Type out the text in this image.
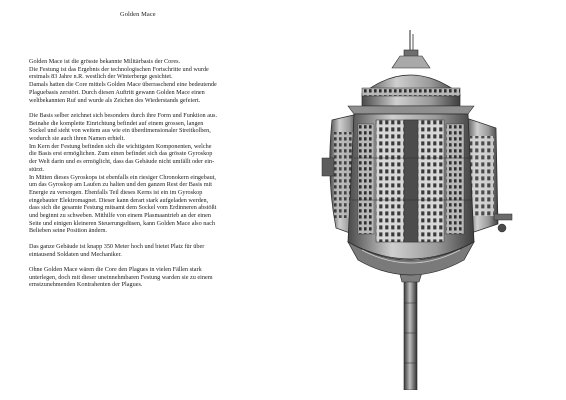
Golden Mace

Golden Mace ist die grösste bekannte Militärbasis der Cores.
Die Festung ist das Ergebnis der technologischen Fortschritte und wurde
erstmals 83 Jahre n.R. westlich der Winterberge gesichtet.
Damals hatten die Core mittels Golden Mace überraschend eine bedeutende
Plaguebasis zerstört. Durch diesen Auftritt gewann Golden Mace einen
weltbekannten Ruf und wurde als Zeichen des Wiederstands gefeiert.

Die Basis selber zeichnet sich besonders durch ihre Form und Funktion aus.
Beinahe die komplette Einrichtung befindet auf einem grossen, langen
Sockel und sieht von weitem aus wie ein überdimensionaler Streitkolben,
wodurch sie auch ihren Namen erhielt.
Im Kern der Festung befinden sich die wichtigsten Komponenten, welche
die Basis erst ermöglichen. Zum einen befindet sich das grösste Gyroskop
der Welt darin und es ermöglicht, dass das Gebäude nicht umfällt oder ein-
stürzt.
In Mitten dieses Gyroskops ist ebenfalls ein riesiger Chronokern eingebaut,
um das Gyroskop am Laufen zu halten und den ganzen Rest der Basis mit
Energie zu versorgen. Ebenfalls Teil dieses Kerns ist ein im Gyroskop
eingebauter Elektromagnet. Dieser kann derart stark aufgeladen werden,
dass sich die gesamte Festung mitsamt dem Sockel vom Erdinneren abstößt
und beginnt zu schweben. Mithilfe von einem Plasmaantrieb an der einen
Seite und einigen kleineren Steuerungsdüsen, kann Golden Mace also nach
Belieben seine Position ändern.

Das ganze Gebäude ist knapp 350 Meter hoch und bietet Platz für über
eintausend Soldaten und Mechaniker.

Ohne Golden Mace wären die Core den Plagues in vielen Fällen stark
unterlegen, doch mit dieser uneinnehmbaren Festung warden sie zu einem
ernstzunehmenden Kontrahenten der Plagues.
